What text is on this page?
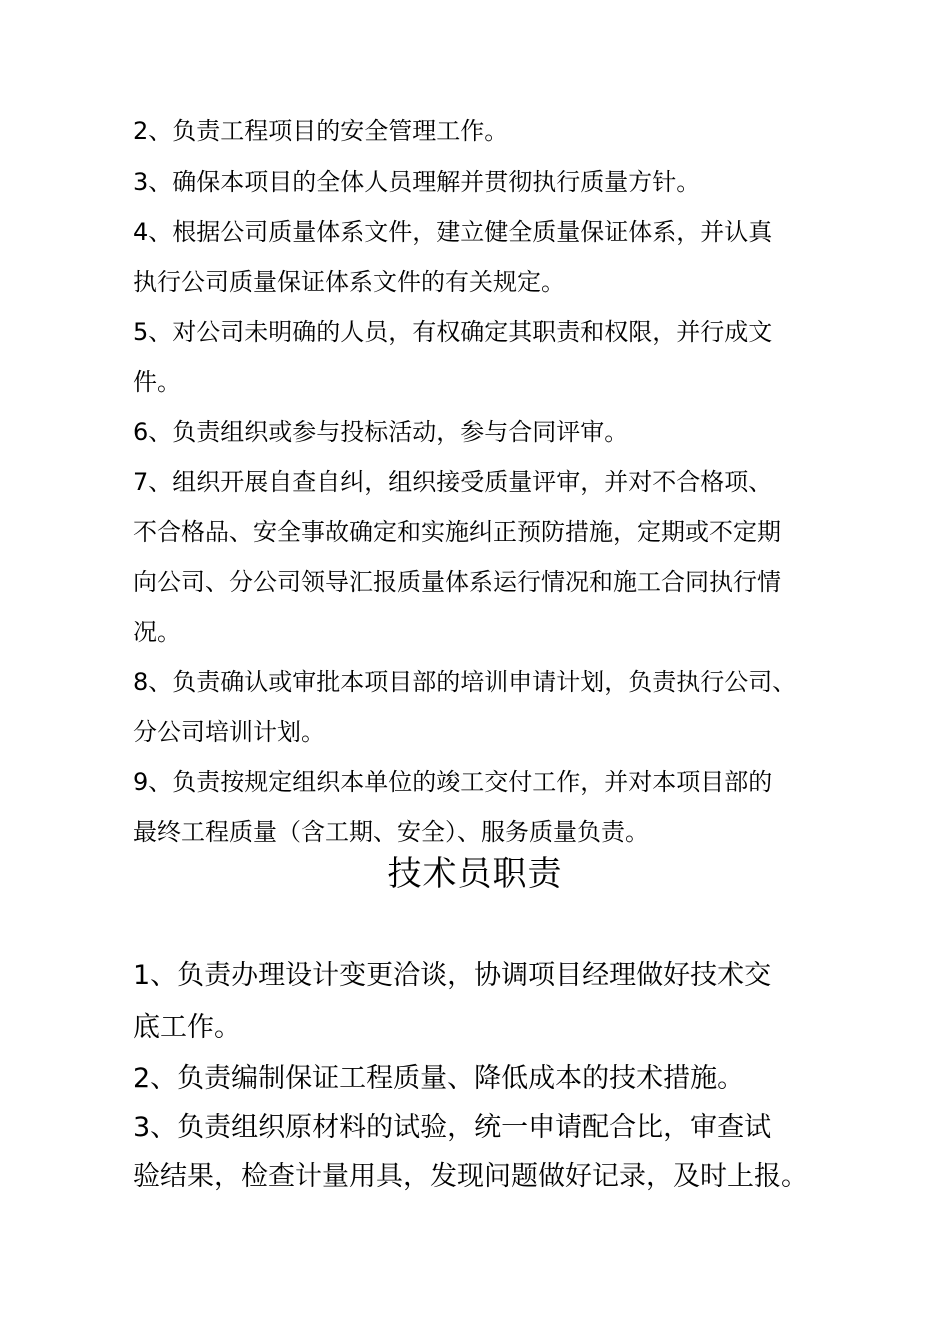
2、负责工程项目的安全管理工作。

3、确保本项目的全体人员理解并贯彻执行质量方针。

4、根据公司质量体系文件，建立健全质量保证体系，并认真

执行公司质量保证体系文件的有关规定。

5、对公司未明确的人员，有权确定其职责和权限，并行成文

件。

6、负责组织或参与投标活动，参与合同评审。

7、组织开展自查自纠，组织接受质量评审，并对不合格项、

不合格品、安全事故确定和实施纠正预防措施，定期或不定期

向公司、分公司领导汇报质量体系运行情况和施工合同执行情

况。

8、负责确认或审批本项目部的培训申请计划，负责执行公司、

分公司培训计划。

9、负责按规定组织本单位的竣工交付工作，并对本项目部的

最终工程质量（含工期、安全）、服务质量负责。

技术员职责

1、负责办理设计变更洽谈，协调项目经理做好技术交

底工作。

2、负责编制保证工程质量、降低成本的技术措施。

3、负责组织原材料的试验，统一申请配合比，审查试

验结果，检查计量用具，发现问题做好记录，及时上报。
